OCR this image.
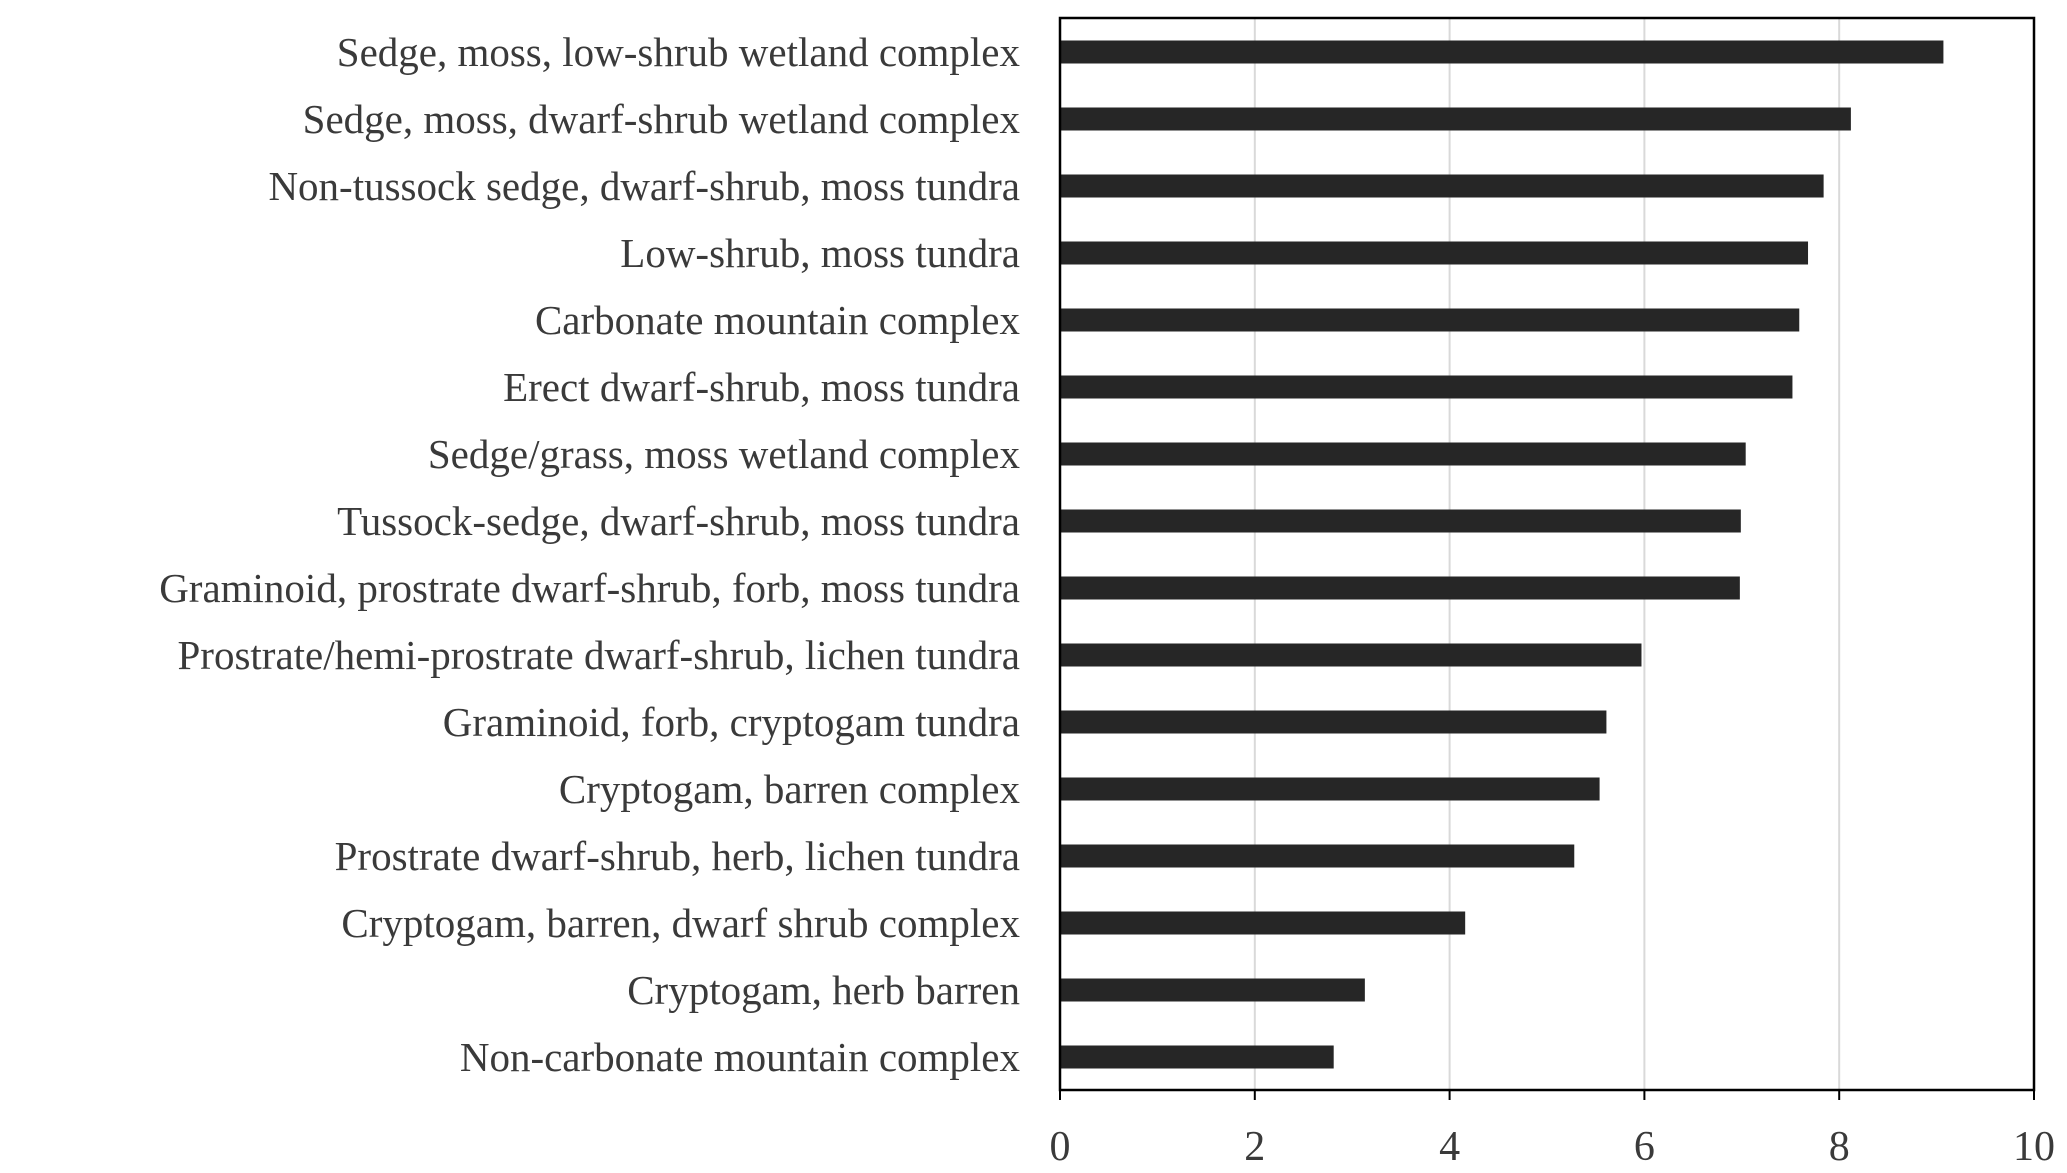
Sedge, moss, low-shrub wetland complex
Sedge, moss, dwarf-shrub wetland complex
Non-tussock sedge, dwarf-shrub, moss tundra
Low-shrub, moss tundra
Carbonate mountain complex
Erect dwarf-shrub, moss tundra
Sedge/grass, moss wetland complex
Tussock-sedge, dwarf-shrub, moss tundra
Graminoid, prostrate dwarf-shrub, forb, moss tundra
Prostrate/hemi-prostrate dwarf-shrub, lichen tundra
Graminoid, forb, cryptogam tundra
Cryptogam, barren complex
Prostrate dwarf-shrub, herb, lichen tundra
Cryptogam, barren, dwarf shrub complex
Cryptogam, herb barren
Non-carbonate mountain complex
0	2	4	6	8	10
